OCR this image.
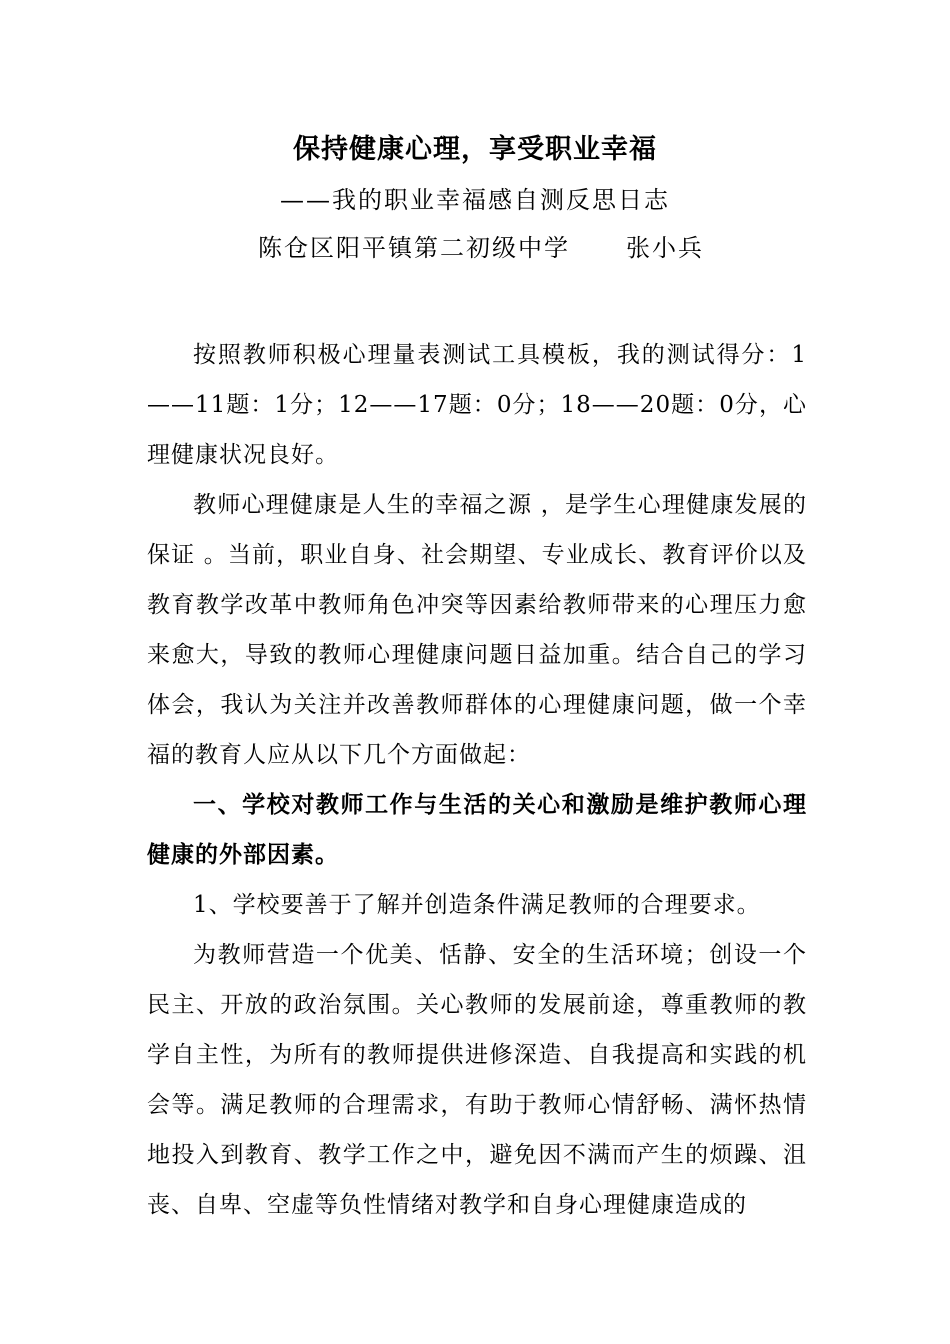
保持健康心理，享受职业幸福
——我的职业幸福感自测反思日志
陈仓区阳平镇第二初级中学 张小兵

按照教师积极心理量表测试工具模板，我的测试得分：1——11题：1分；12——17题：0分；18——20题：0分，心理健康状况良好。

教师心理健康是人生的幸福之源 ，是学生心理健康发展的保证 。当前，职业自身、社会期望、专业成长、教育评价以及教育教学改革中教师角色冲突等因素给教师带来的心理压力愈来愈大，导致的教师心理健康问题日益加重。结合自己的学习体会，我认为关注并改善教师群体的心理健康问题，做一个幸福的教育人应从以下几个方面做起：

一、学校对教师工作与生活的关心和激励是维护教师心理健康的外部因素。

1、学校要善于了解并创造条件满足教师的合理要求。

为教师营造一个优美、恬静、安全的生活环境；创设一个民主、开放的政治氛围。关心教师的发展前途，尊重教师的教学自主性，为所有的教师提供进修深造、自我提高和实践的机会等。满足教师的合理需求，有助于教师心情舒畅、满怀热情地投入到教育、教学工作之中，避免因不满而产生的烦躁、沮丧、自卑、空虚等负性情绪对教学和自身心理健康造成的
